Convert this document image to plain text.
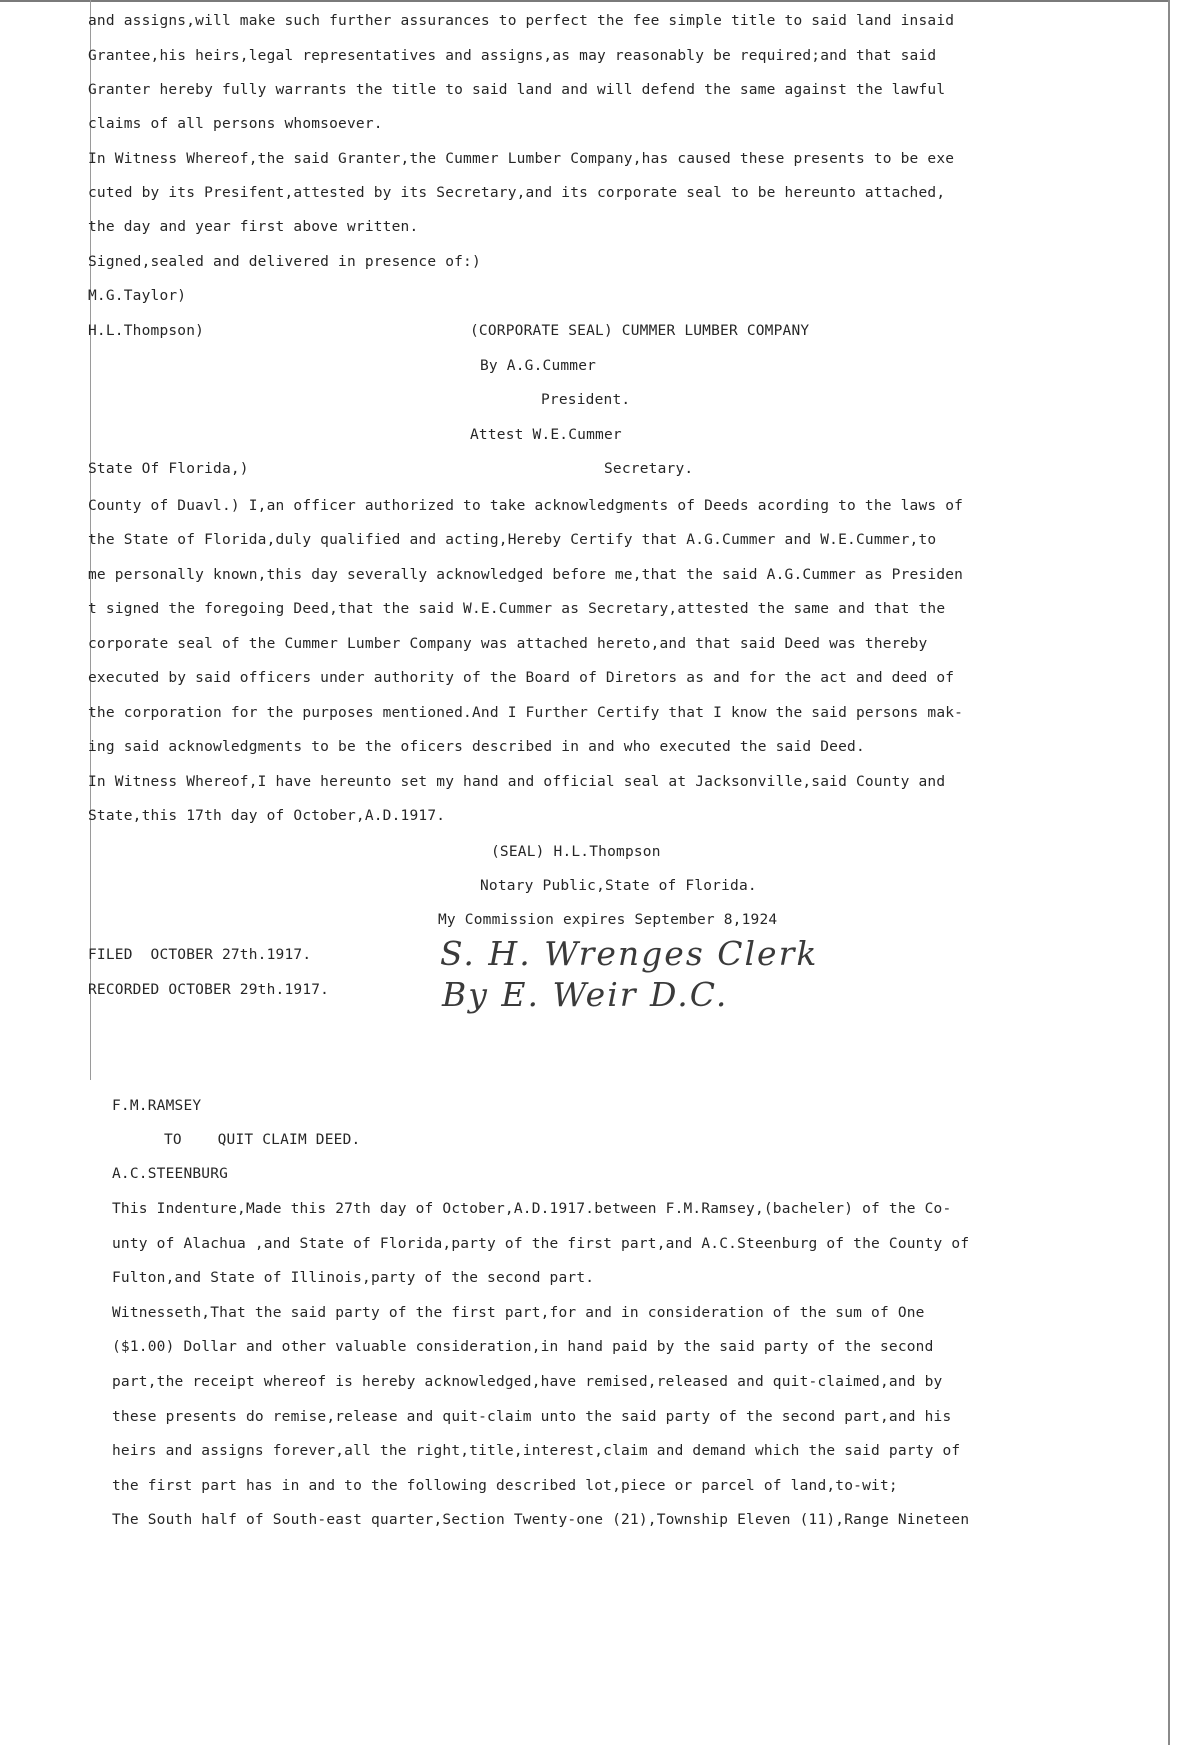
and assigns,will make such further assurances to perfect the fee simple title to said land insaid
Grantee,his heirs,legal representatives and assigns,as may reasonably be required;and that said
Granter hereby fully warrants the title to said land and will defend the same against the lawful
claims of all persons whomsoever.
In Witness Whereof,the said Granter,the Cummer Lumber Company,has caused these presents to be exe
cuted by its Presifent,attested by its Secretary,and its corporate seal to be hereunto attached,
the day and year first above written.
Signed,sealed and delivered in presence of:)
M.G.Taylor)
H.L.Thompson)	(CORPORATE SEAL) CUMMER LUMBER COMPANY
By A.G.Cummer
President.
Attest W.E.Cummer
State Of Florida,)	Secretary.
County of Duavl.) I,an officer authorized to take acknowledgments of Deeds acording to the laws of
the State of Florida,duly qualified and acting,Hereby Certify that A.G.Cummer and W.E.Cummer,to
me personally known,this day severally acknowledged before me,that the said A.G.Cummer as Presiden
t signed the foregoing Deed,that the said W.E.Cummer as Secretary,attested the same and that the
corporate seal of the Cummer Lumber Company was attached hereto,and that said Deed was thereby
executed by said officers under authority of the Board of Diretors as and for the act and deed of
the corporation for the purposes mentioned.And I Further Certify that I know the said persons mak-
ing said acknowledgments to be the oficers described in and who executed the said Deed.
In Witness Whereof,I have hereunto set my hand and official seal at Jacksonville,said County and
State,this 17th day of October,A.D.1917.
(SEAL) H.L.Thompson
Notary Public,State of Florida.
My Commission expires September 8,1924
FILED  OCTOBER 27th.1917.
RECORDED OCTOBER 29th.1917.
S. H. Wrenges Clerk
By E. Weir D.C.
F.M.RAMSEY
TO    QUIT CLAIM DEED.
A.C.STEENBURG
This Indenture,Made this 27th day of October,A.D.1917.between F.M.Ramsey,(bacheler) of the Co-
unty of Alachua ,and State of Florida,party of the first part,and A.C.Steenburg of the County of
Fulton,and State of Illinois,party of the second part.
Witnesseth,That the said party of the first part,for and in consideration of the sum of One
($1.00) Dollar and other valuable consideration,in hand paid by the said party of the second
part,the receipt whereof is hereby acknowledged,have remised,released and quit-claimed,and by
these presents do remise,release and quit-claim unto the said party of the second part,and his
heirs and assigns forever,all the right,title,interest,claim and demand which the said party of
the first part has in and to the following described lot,piece or parcel of land,to-wit;
The South half of South-east quarter,Section Twenty-one (21),Township Eleven (11),Range Nineteen
